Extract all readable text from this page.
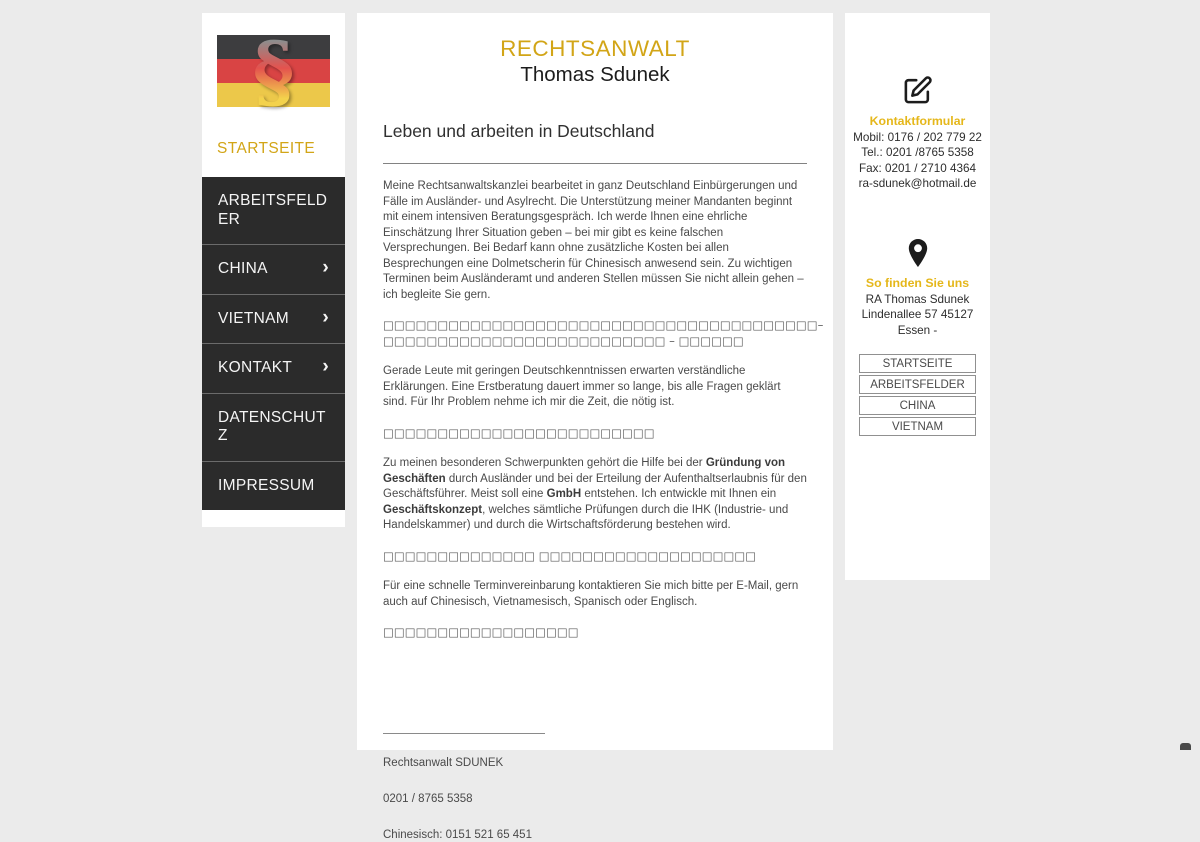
§
STARTSEITE
ARBEITSFELDER
CHINA	›
VIETNAM ›
KONTAKT ›
DATENSCHUTZ
IMPRESSUM
RECHTSANWALT
Thomas Sdunek
Leben und arbeiten in Deutschland

Meine Rechtsanwaltskanzlei bearbeitet in ganz Deutschland Einbürgerungen und Fälle im Ausländer- und Asylrecht. Die Unterstützung meiner Mandanten beginnt mit einem intensiven Beratungsgespräch. Ich werde Ihnen eine ehrliche Einschätzung Ihrer Situation geben – bei mir gibt es keine falschen Versprechungen. Bei Bedarf kann ohne zusätzliche Kosten bei allen Besprechungen eine Dolmetscherin für Chinesisch anwesend sein. Zu wichtigen Terminen beim Ausländeramt und anderen Stellen müssen Sie nicht allein gehen – ich begleite Sie gern.

□□□□□□□□□□□□□□□□□□□□□□□□□□□□□□□□□□□□□□□□– □□□□□□□□□□□□□□□□□□□□□□□□□□ – □□□□□□

Gerade Leute mit geringen Deutschkenntnissen erwarten verständliche Erklärungen. Eine Erstberatung dauert immer so lange, bis alle Fragen geklärt sind. Für Ihr Problem nehme ich mir die Zeit, die nötig ist.

□□□□□□□□□□□□□□□□□□□□□□□□□

Zu meinen besonderen Schwerpunkten gehört die Hilfe bei der Gründung von Geschäften durch Ausländer und bei der Erteilung der Aufenthaltserlaubnis für den Geschäftsführer. Meist soll eine GmbH entstehen. Ich entwickle mit Ihnen ein Geschäftskonzept, welches sämtliche Prüfungen durch die IHK (Industrie- und Handelskammer) und durch die Wirtschaftsförderung bestehen wird.

□□□□□□□□□□□□□□ □□□□□□□□□□□□□□□□□□□□

Für eine schnelle Terminvereinbarung kontaktieren Sie mich bitte per E-Mail, gern auch auf Chinesisch, Vietnamesisch, Spanisch oder Englisch.

□□□□□□□□□□□□□□□□□□

Rechtsanwalt SDUNEK

0201 / 8765 5358

Chinesisch: 0151 521 65 451

Kontaktformular
Mobil: 0176 / 202 779 22
Tel.: 0201 /8765 5358
Fax: 0201 / 2710 4364
ra-sdunek@hotmail.de
So finden Sie uns
RA Thomas Sdunek
Lindenallee 57 45127
Essen -
STARTSEITE
ARBEITSFELDER
CHINA
VIETNAM
